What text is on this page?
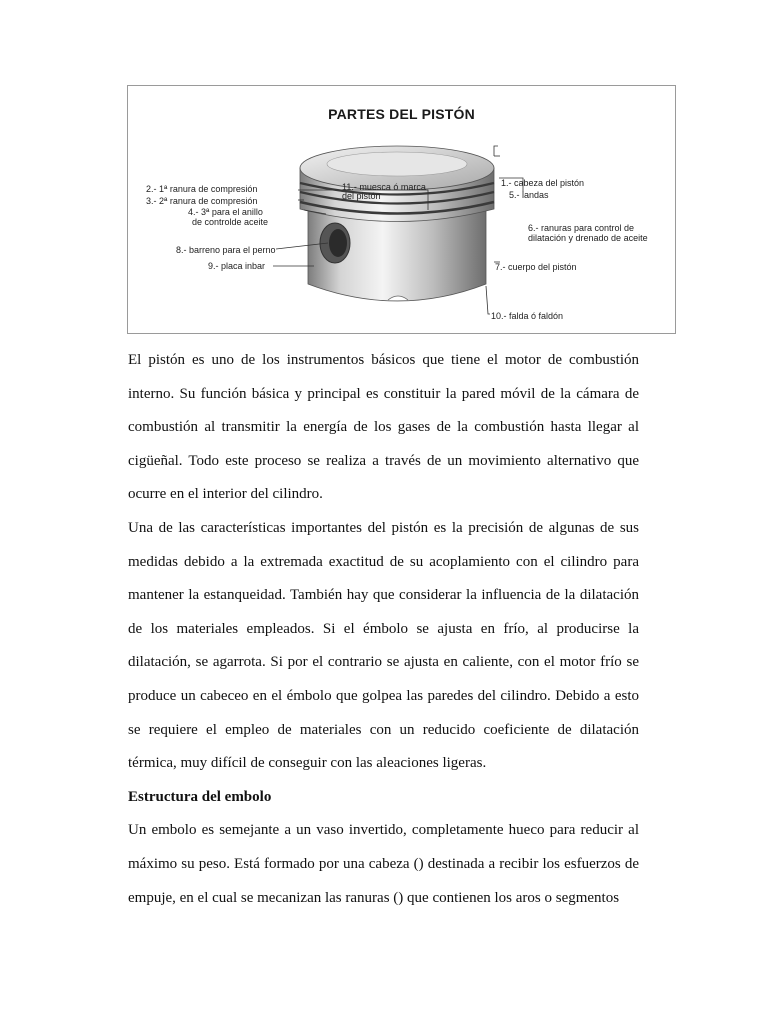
PARTES DEL PISTÓN
1.- cabeza del pistón
5.- landas
6.- ranuras para control de
dilatación y drenado de aceite
7.- cuerpo del pistón
10.- falda ó faldón
2.- 1ª ranura de compresión
3.- 2ª ranura de compresión
4.- 3ª para el anillo
de controlde aceite
8.- barreno para el perno
9.- placa inbar
11.- muesca ó marca
del pistón

El pistón es uno de los instrumentos básicos que tiene el motor de combustión interno. Su función básica y principal es constituir la pared móvil de la cámara de combustión al transmitir la energía de los gases de la combustión hasta llegar al cigüeñal. Todo este proceso se realiza a través de un movimiento alternativo que ocurre en el interior del cilindro.

Una de las características importantes del pistón es la precisión de algunas de sus medidas debido a la extremada exactitud de su acoplamiento con el cilindro para mantener la estanqueidad. También hay que considerar la influencia de la dilatación de los materiales empleados. Si el émbolo se ajusta en frío, al producirse la dilatación, se agarrota. Si por el contrario se ajusta en caliente, con el motor frío se produce un cabeceo en el émbolo que golpea las paredes del cilindro. Debido a esto se requiere el empleo de materiales con un reducido coeficiente de dilatación térmica, muy difícil de conseguir con las aleaciones ligeras.

Estructura del embolo

Un embolo es semejante a un vaso invertido, completamente hueco para reducir al máximo su peso. Está formado por una cabeza () destinada a recibir los esfuerzos de empuje, en el cual se mecanizan las ranuras () que contienen los aros o segmentos
